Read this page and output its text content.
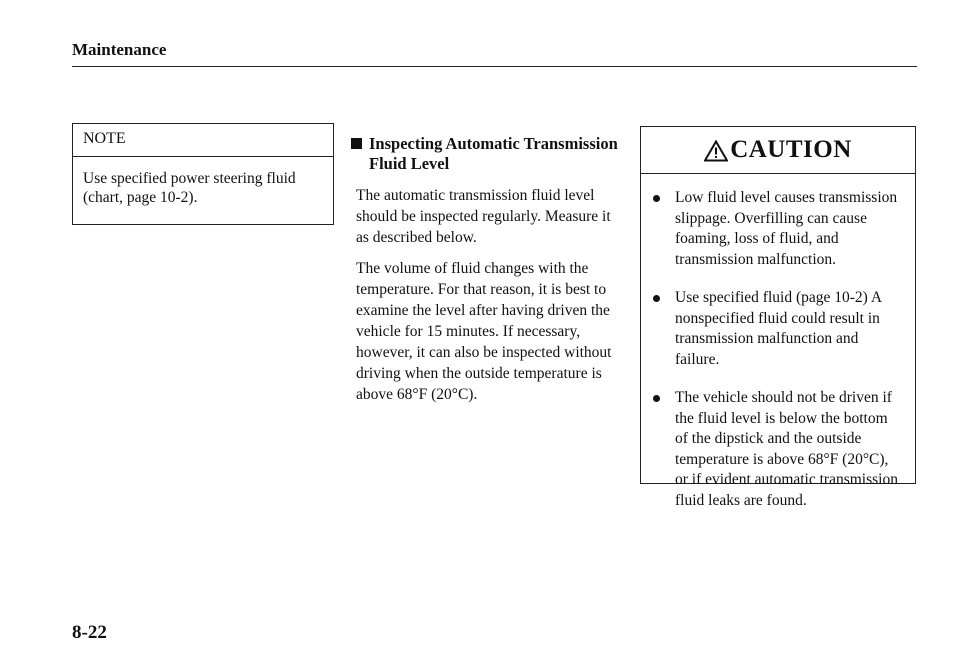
Maintenance
NOTE
Use specified power steering fluid (chart, page 10-2).
Inspecting Automatic Transmission Fluid Level

The automatic transmission fluid level should be inspected regularly. Measure it as described below.

The volume of fluid changes with the temperature. For that reason, it is best to examine the level after having driven the vehicle for 15 minutes. If necessary, however, it can also be inspected without driving when the outside temperature is above 68°F (20°C).

CAUTION
Low fluid level causes transmission slippage. Overfilling can cause foaming, loss of fluid, and transmission malfunction.
Use specified fluid (page 10-2) A nonspecified fluid could result in transmission malfunction and failure.
The vehicle should not be driven if the fluid level is below the bottom of the dipstick and the outside temperature is above 68°F (20°C), or if evident automatic transmission fluid leaks are found.
8-22
